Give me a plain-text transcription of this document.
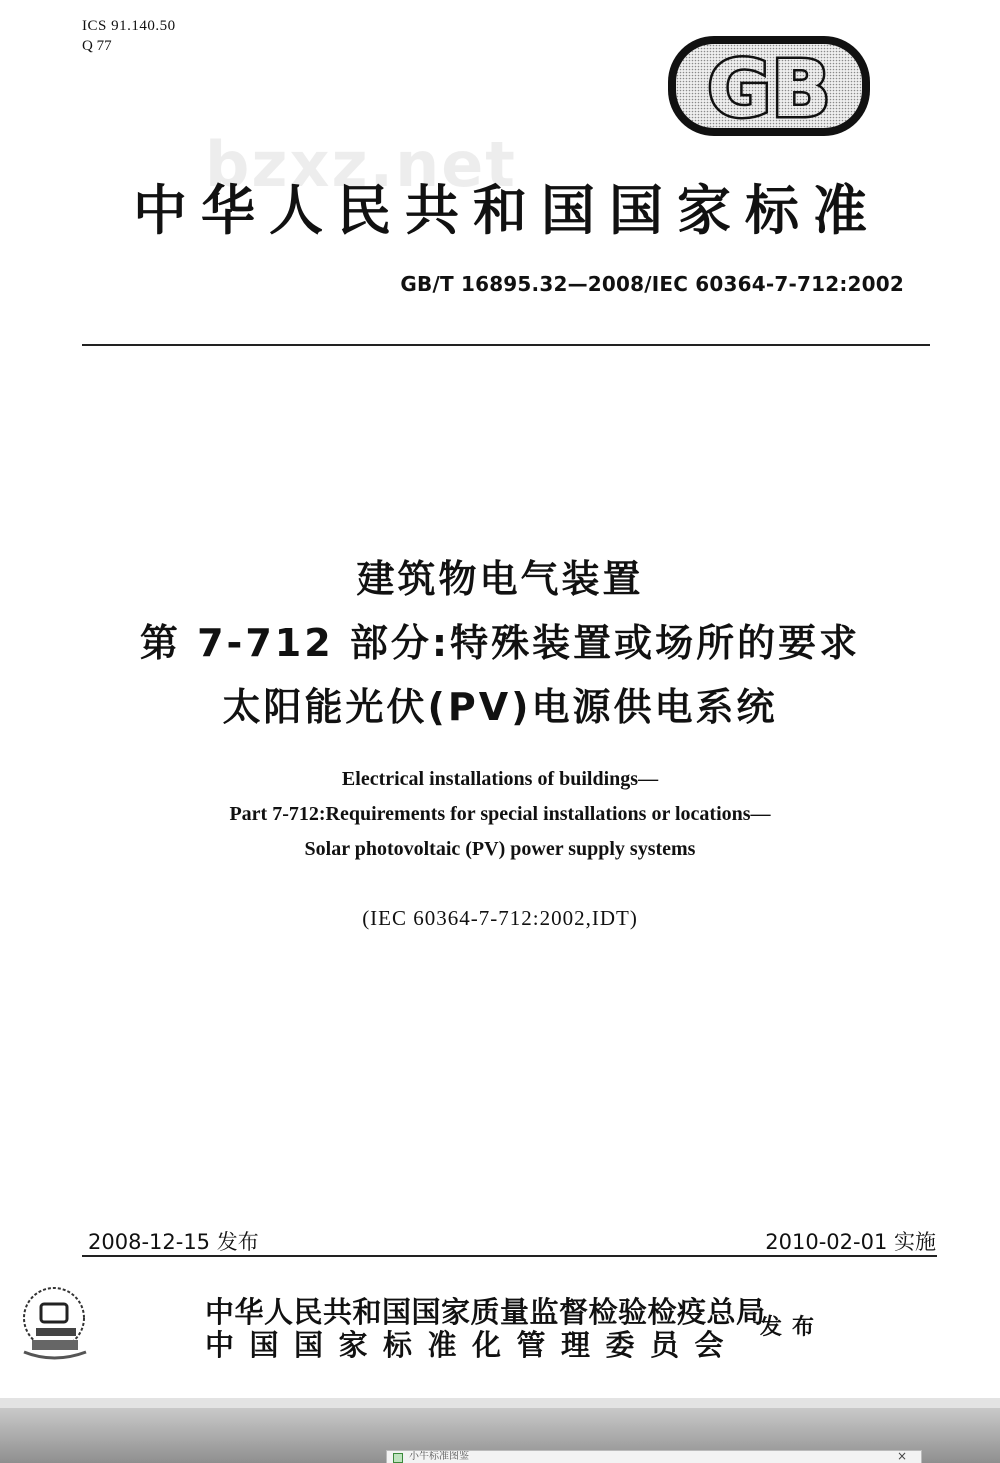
ICS 91.140.50
Q 77	GB
bzxz.net
中华人民共和国国家标准
GB/T 16895.32—2008/IEC 60364-7-712:2002
建筑物电气装置
第 7-712 部分:特殊装置或场所的要求
太阳能光伏(PV)电源供电系统
Electrical installations of buildings—
Part 7-712:Requirements for special installations or locations—
Solar photovoltaic (PV) power supply systems
(IEC 60364-7-712:2002,IDT)
2008-12-15 发布	2010-02-01 实施
中华人民共和国国家质量监督检验检疫总局
中国国家标准化管理委员会
发布
小牛标准图鉴	×
